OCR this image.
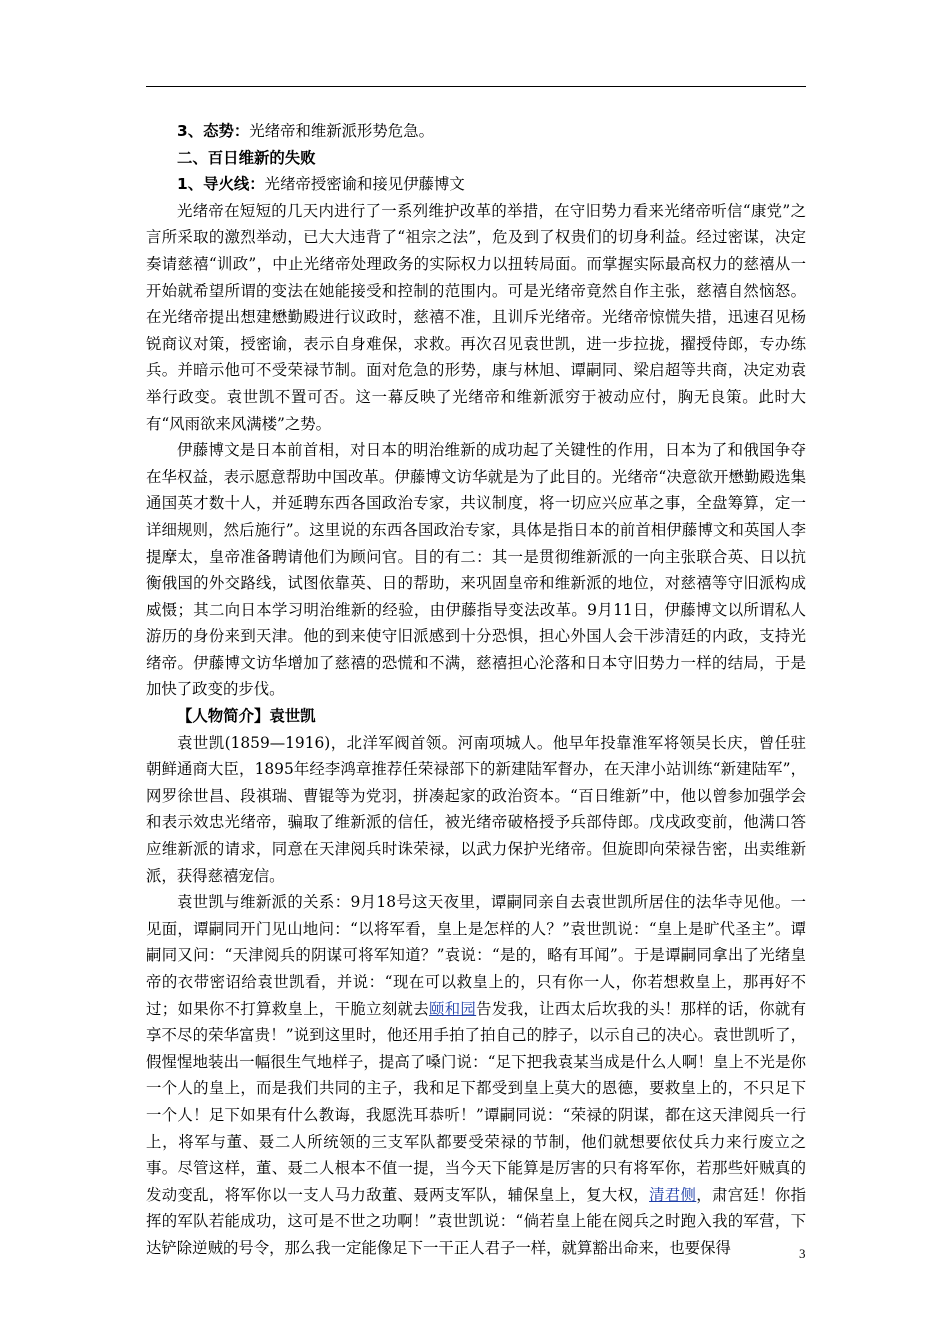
3、态势：光绪帝和维新派形势危急。

二、百日维新的失败

1、导火线：光绪帝授密谕和接见伊藤博文

光绪帝在短短的几天内进行了一系列维护改革的举措，在守旧势力看来光绪帝听信“康党”之言所采取的激烈举动，已大大违背了“祖宗之法”，危及到了权贵们的切身利益。经过密谋，决定奏请慈禧“训政”，中止光绪帝处理政务的实际权力以扭转局面。而掌握实际最高权力的慈禧从一开始就希望所谓的变法在她能接受和控制的范围内。可是光绪帝竟然自作主张，慈禧自然恼怒。在光绪帝提出想建懋勤殿进行议政时，慈禧不准，且训斥光绪帝。光绪帝惊慌失措，迅速召见杨锐商议对策，授密谕，表示自身难保，求救。再次召见袁世凯，进一步拉拢，擢授侍郎，专办练兵。并暗示他可不受荣禄节制。面对危急的形势，康与林旭、谭嗣同、梁启超等共商，决定劝袁举行政变。袁世凯不置可否。这一幕反映了光绪帝和维新派穷于被动应付，胸无良策。此时大有“风雨欲来风满楼”之势。

伊藤博文是日本前首相，对日本的明治维新的成功起了关键性的作用，日本为了和俄国争夺在华权益，表示愿意帮助中国改革。伊藤博文访华就是为了此目的。光绪帝“决意欲开懋勤殿选集通国英才数十人，并延聘东西各国政治专家，共议制度，将一切应兴应革之事，全盘筹算，定一详细规则，然后施行”。这里说的东西各国政治专家，具体是指日本的前首相伊藤博文和英国人李提摩太，皇帝准备聘请他们为顾问官。目的有二：其一是贯彻维新派的一向主张联合英、日以抗衡俄国的外交路线，试图依靠英、日的帮助，来巩固皇帝和维新派的地位，对慈禧等守旧派构成威慑；其二向日本学习明治维新的经验，由伊藤指导变法改革。9月11日，伊藤博文以所谓私人游历的身份来到天津。他的到来使守旧派感到十分恐惧，担心外国人会干涉清廷的内政，支持光绪帝。伊藤博文访华增加了慈禧的恐慌和不满，慈禧担心沦落和日本守旧势力一样的结局，于是加快了政变的步伐。

【人物简介】袁世凯

袁世凯(1859—1916)，北洋军阀首领。河南项城人。他早年投靠淮军将领吴长庆，曾任驻朝鲜通商大臣，1895年经李鸿章推荐任荣禄部下的新建陆军督办，在天津小站训练“新建陆军”，网罗徐世昌、段祺瑞、曹锟等为党羽，拼凑起家的政治资本。“百日维新”中，他以曾参加强学会和表示效忠光绪帝，骗取了维新派的信任，被光绪帝破格授予兵部侍郎。戊戌政变前，他满口答应维新派的请求，同意在天津阅兵时诛荣禄，以武力保护光绪帝。但旋即向荣禄告密，出卖维新派，获得慈禧宠信。

袁世凯与维新派的关系：9月18号这天夜里，谭嗣同亲自去袁世凯所居住的法华寺见他。一见面，谭嗣同开门见山地问：“以将军看，皇上是怎样的人？”袁世凯说：“皇上是旷代圣主”。谭嗣同又问：“天津阅兵的阴谋可将军知道？”袁说：“是的，略有耳闻”。于是谭嗣同拿出了光绪皇帝的衣带密诏给袁世凯看，并说：“现在可以救皇上的，只有你一人，你若想救皇上，那再好不过；如果你不打算救皇上，干脆立刻就去颐和园告发我，让西太后坎我的头！那样的话，你就有享不尽的荣华富贵！”说到这里时，他还用手拍了拍自己的脖子，以示自己的决心。袁世凯听了，假惺惺地装出一幅很生气地样子，提高了嗓门说：“足下把我袁某当成是什么人啊！皇上不光是你一个人的皇上，而是我们共同的主子，我和足下都受到皇上莫大的恩德，要救皇上的，不只足下一个人！足下如果有什么教诲，我愿洗耳恭听！”谭嗣同说：“荣禄的阴谋，都在这天津阅兵一行上，将军与董、聂二人所统领的三支军队都要受荣禄的节制，他们就想要依仗兵力来行废立之事。尽管这样，董、聂二人根本不值一提，当今天下能算是厉害的只有将军你，若那些奸贼真的发动变乱，将军你以一支人马力敌董、聂两支军队，辅保皇上，复大权，清君侧，肃宫廷！你指挥的军队若能成功，这可是不世之功啊！”袁世凯说：“倘若皇上能在阅兵之时跑入我的军营，下达铲除逆贼的号令，那么我一定能像足下一干正人君子一样，就算豁出命来，也要保得	3
